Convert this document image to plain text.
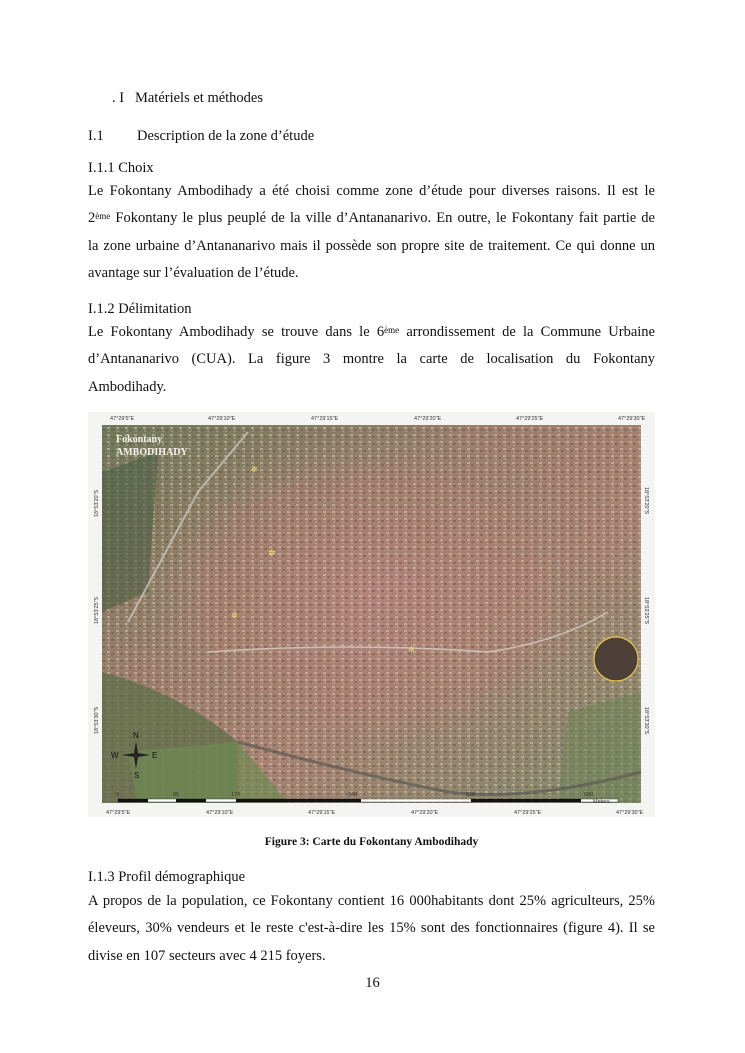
. I Matériels et méthodes
I.1 Description de la zone d’étude
I.1.1 Choix
Le Fokontany Ambodihady a été choisi comme zone d’étude pour diverses raisons. Il est le
2ème Fokontany le plus peuplé de la ville d’Antananarivo. En outre, le Fokontany fait partie de
la zone urbaine d’Antananarivo mais il possède son propre site de traitement. Ce qui donne un
avantage sur l’évaluation de l’étude.
I.1.2 Délimitation
Le Fokontany Ambodihady se trouve dans le 6ème arrondissement de la Commune Urbaine
d’Antananarivo (CUA). La figure 3 montre la carte de localisation du Fokontany
Ambodihady.
✲
✲
✲
✲
Fokontany
AMBODIHADY
47°29'5"E	47°29'10"E	47°29'15"E	47°29'20"E	47°29'25"E	47°29'30"E
47°29'5"E	47°29'10"E	47°29'15"E	47°29'20"E	47°29'25"E	47°29'30"E
18°53'20"S
18°53'25"S
18°53'30"S
18°53'20"S
18°53'25"S
18°53'30"S
N
S
E
W
0	85	170	340	510	680
Meters
Figure 3: Carte du Fokontany Ambodihady
I.1.3 Profil démographique
A propos de la population, ce Fokontany contient 16 000habitants dont 25% agriculteurs, 25%
éleveurs, 30% vendeurs et le reste c'est-à-dire les 15% sont des fonctionnaires (figure 4). Il se
divise en 107 secteurs avec 4 215 foyers.
16
